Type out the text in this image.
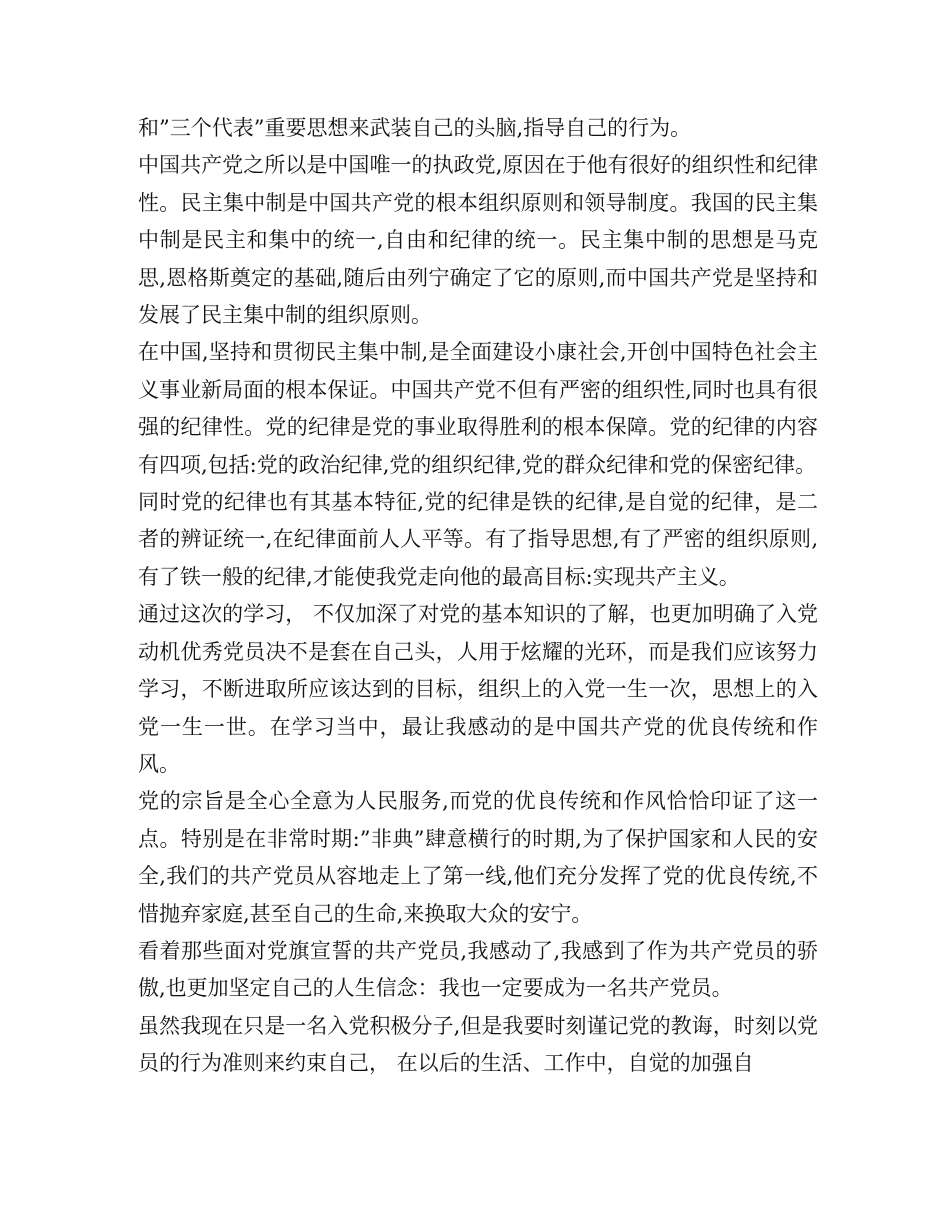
和”三个代表”重要思想来武装自己的头脑,指导自己的行为。

中国共产党之所以是中国唯一的执政党,原因在于他有很好的组织性和纪律性。民主集中制是中国共产党的根本组织原则和领导制度。我国的民主集中制是民主和集中的统一,自由和纪律的统一。民主集中制的思想是马克思,恩格斯奠定的基础,随后由列宁确定了它的原则,而中国共产党是坚持和发展了民主集中制的组织原则。

在中国,坚持和贯彻民主集中制,是全面建设小康社会,开创中国特色社会主义事业新局面的根本保证。中国共产党不但有严密的组织性,同时也具有很强的纪律性。党的纪律是党的事业取得胜利的根本保障。党的纪律的内容有四项,包括:党的政治纪律,党的组织纪律,党的群众纪律和党的保密纪律。

同时党的纪律也有其基本特征,党的纪律是铁的纪律,是自觉的纪律，是二者的辨证统一,在纪律面前人人平等。有了指导思想,有了严密的组织原则,有了铁一般的纪律,才能使我党走向他的最高目标:实现共产主义。

通过这次的学习， 不仅加深了对党的基本知识的了解，也更加明确了入党动机优秀党员决不是套在自己头，人用于炫耀的光环，而是我们应该努力学习，不断进取所应该达到的目标，组织上的入党一生一次，思想上的入党一生一世。在学习当中，最让我感动的是中国共产党的优良传统和作风。

党的宗旨是全心全意为人民服务,而党的优良传统和作风恰恰印证了这一点。特别是在非常时期:”非典”肆意横行的时期,为了保护国家和人民的安全,我们的共产党员从容地走上了第一线,他们充分发挥了党的优良传统,不惜抛弃家庭,甚至自己的生命,来换取大众的安宁。

看着那些面对党旗宣誓的共产党员,我感动了,我感到了作为共产党员的骄傲,也更加坚定自己的人生信念：我也一定要成为一名共产党员。

虽然我现在只是一名入党积极分子,但是我要时刻谨记党的教诲，时刻以党员的行为准则来约束自己， 在以后的生活、工作中，自觉的加强自
